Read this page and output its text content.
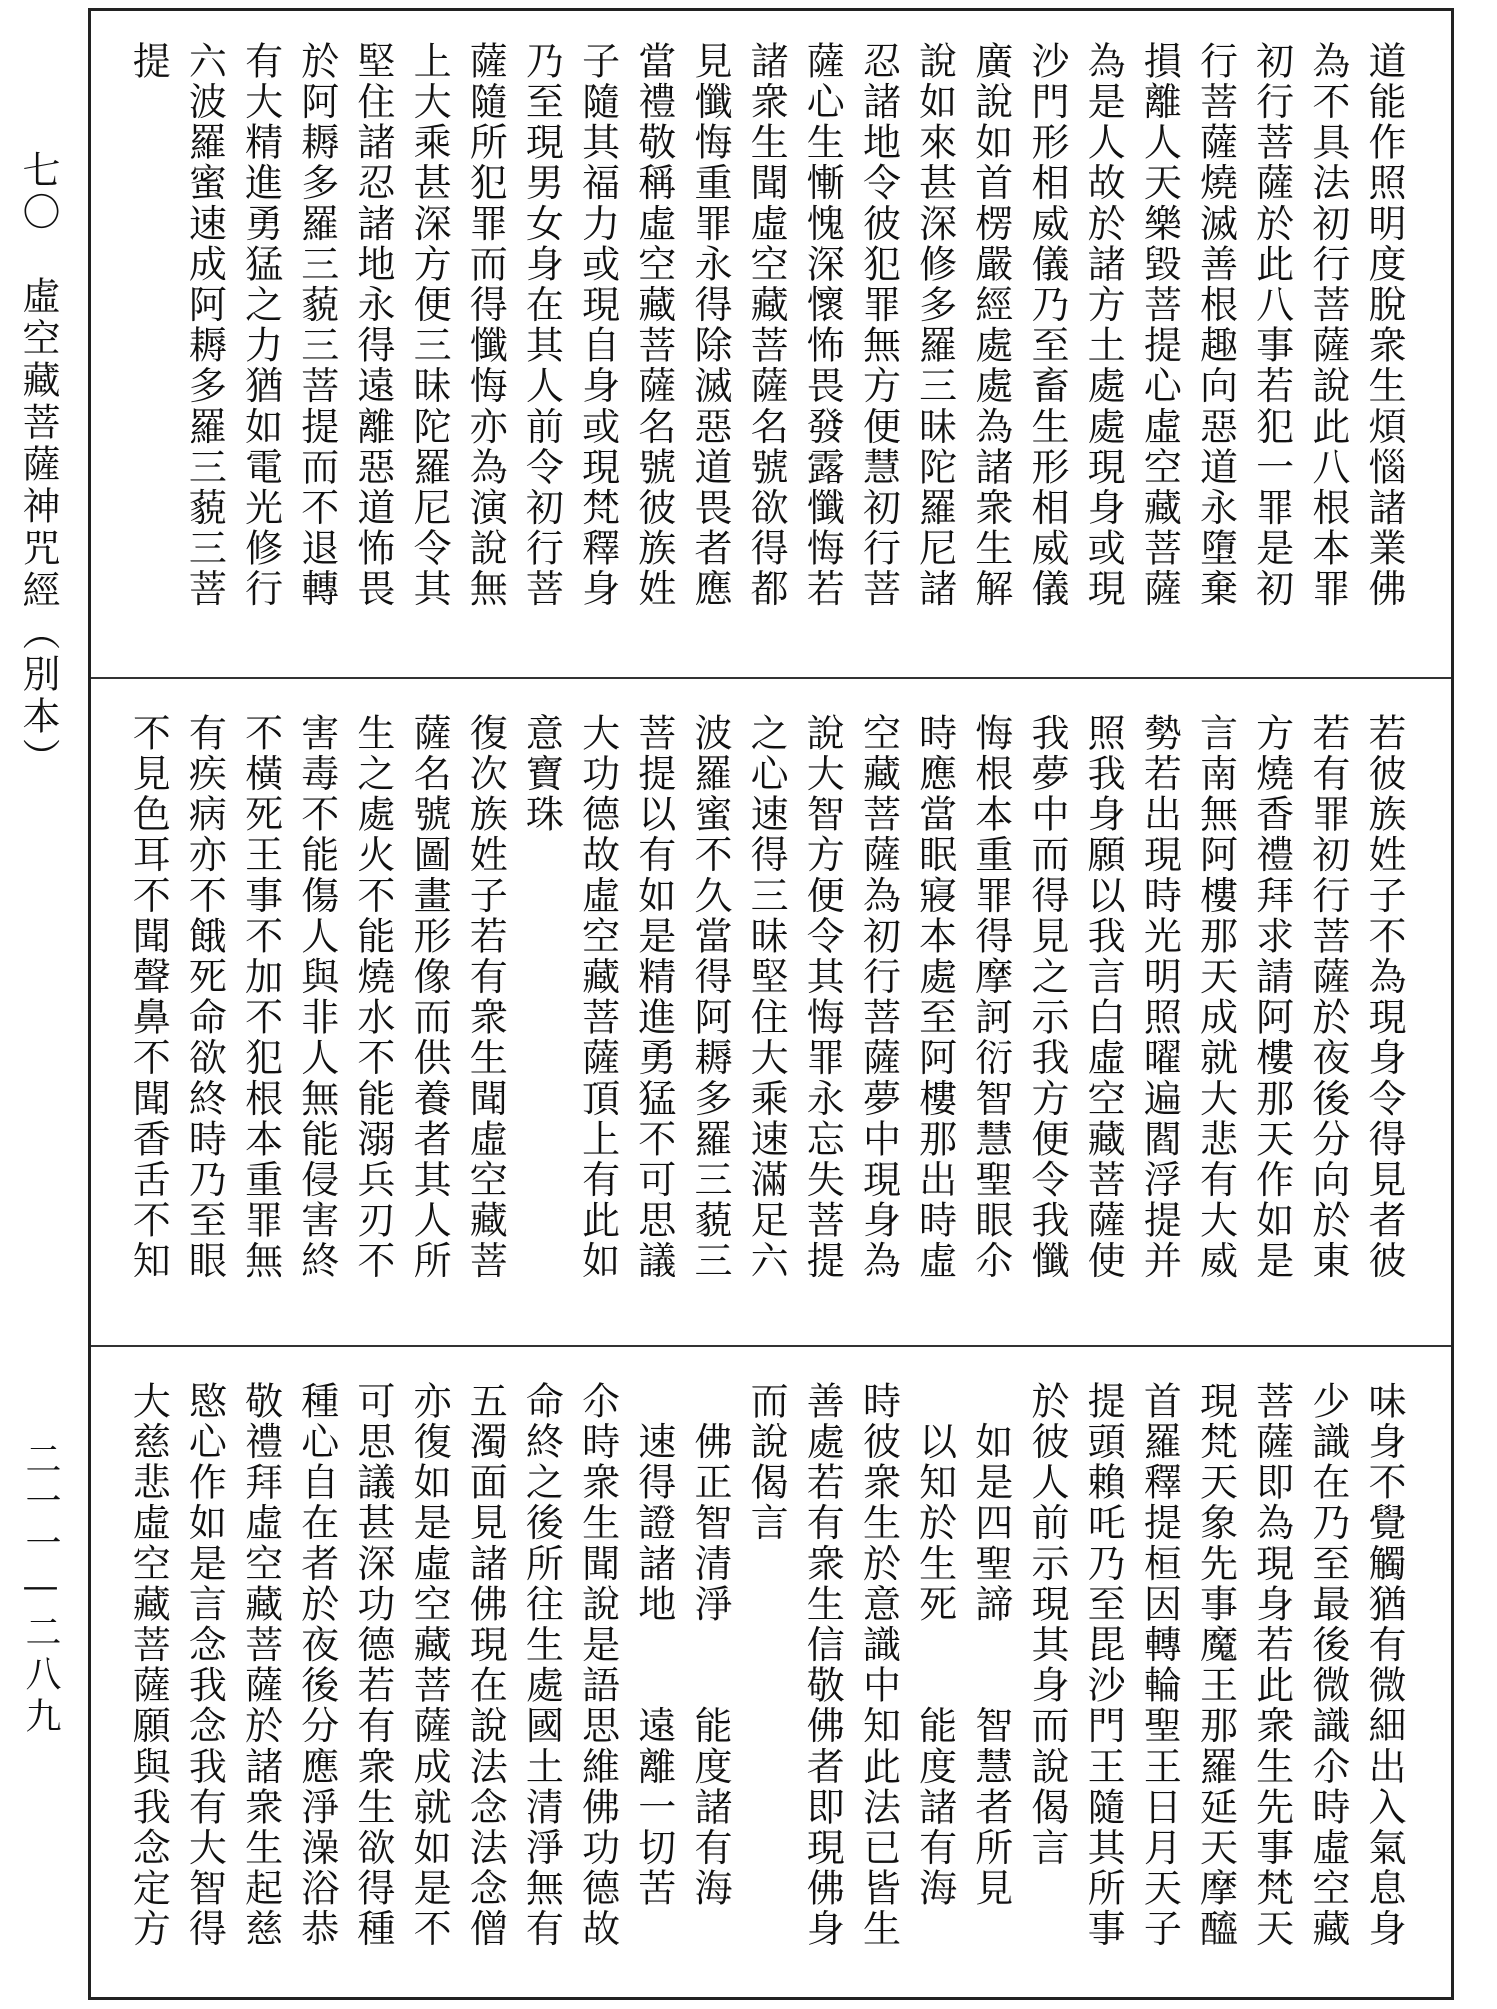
七〇　虛空藏菩薩神咒經（別本）
二一一—二八九
道能作照明度脫衆生煩惱諸業佛
為不具法初行菩薩說此八根本罪
初行菩薩於此八事若犯一罪是初
行菩薩燒滅善根趣向惡道永墮棄
損離人天樂毀菩提心虛空藏菩薩
為是人故於諸方土處處現身或現
沙門形相威儀乃至畜生形相威儀
廣說如首楞嚴經處處為諸衆生解
說如來甚深修多羅三昧陀羅尼諸
忍諸地令彼犯罪無方便慧初行菩
薩心生慚愧深懷怖畏發露懺悔若
諸衆生聞虛空藏菩薩名號欲得都
見懺悔重罪永得除滅惡道畏者應
當禮敬稱虛空藏菩薩名號彼族姓
子隨其福力或現自身或現梵釋身
乃至現男女身在其人前令初行菩
薩隨所犯罪而得懺悔亦為演說無
上大乘甚深方便三昧陀羅尼令其
堅住諸忍諸地永得遠離惡道怖畏
於阿耨多羅三藐三菩提而不退轉
有大精進勇猛之力猶如電光修行
六波羅蜜速成阿耨多羅三藐三菩
提
若彼族姓子不為現身令得見者彼
若有罪初行菩薩於夜後分向於東
方燒香禮拜求請阿樓那天作如是
言南無阿樓那天成就大悲有大威
勢若出現時光明照曜遍閻浮提并
照我身願以我言白虛空藏菩薩使
我夢中而得見之示我方便令我懺
悔根本重罪得摩訶衍智慧聖眼尒
時應當眠寢本處至阿樓那出時虛
空藏菩薩為初行菩薩夢中現身為
說大智方便令其悔罪永忘失菩提
之心速得三昧堅住大乘速滿足六
波羅蜜不久當得阿耨多羅三藐三
菩提以有如是精進勇猛不可思議
大功德故虛空藏菩薩頂上有此如
意寶珠
復次族姓子若有衆生聞虛空藏菩
薩名號圖畫形像而供養者其人所
生之處火不能燒水不能溺兵刃不
害毒不能傷人與非人無能侵害終
不橫死王事不加不犯根本重罪無
有疾病亦不餓死命欲終時乃至眼
不見色耳不聞聲鼻不聞香舌不知
味身不覺觸猶有微細出入氣息身
少識在乃至最後微識尒時虛空藏
菩薩即為現身若此衆生先事梵天
現梵天象先事魔王那羅延天摩醯
首羅釋提桓因轉輪聖王日月天子
提頭賴吒乃至毘沙門王隨其所事
於彼人前示現其身而說偈言
　如是四聖諦　　智慧者所見
　以知於生死　　能度諸有海
時彼衆生於意識中知此法已皆生
善處若有衆生信敬佛者即現佛身
而說偈言
　佛正智清淨　　能度諸有海
　速得證諸地　　遠離一切苦
尒時衆生聞說是語思維佛功德故
命終之後所往生處國土清淨無有
五濁面見諸佛現在說法念法念僧
亦復如是虛空藏菩薩成就如是不
可思議甚深功德若有衆生欲得種
種心自在者於夜後分應淨澡浴恭
敬禮拜虛空藏菩薩於諸衆生起慈
愍心作如是言念我念我有大智得
大慈悲虛空藏菩薩願與我念定方
